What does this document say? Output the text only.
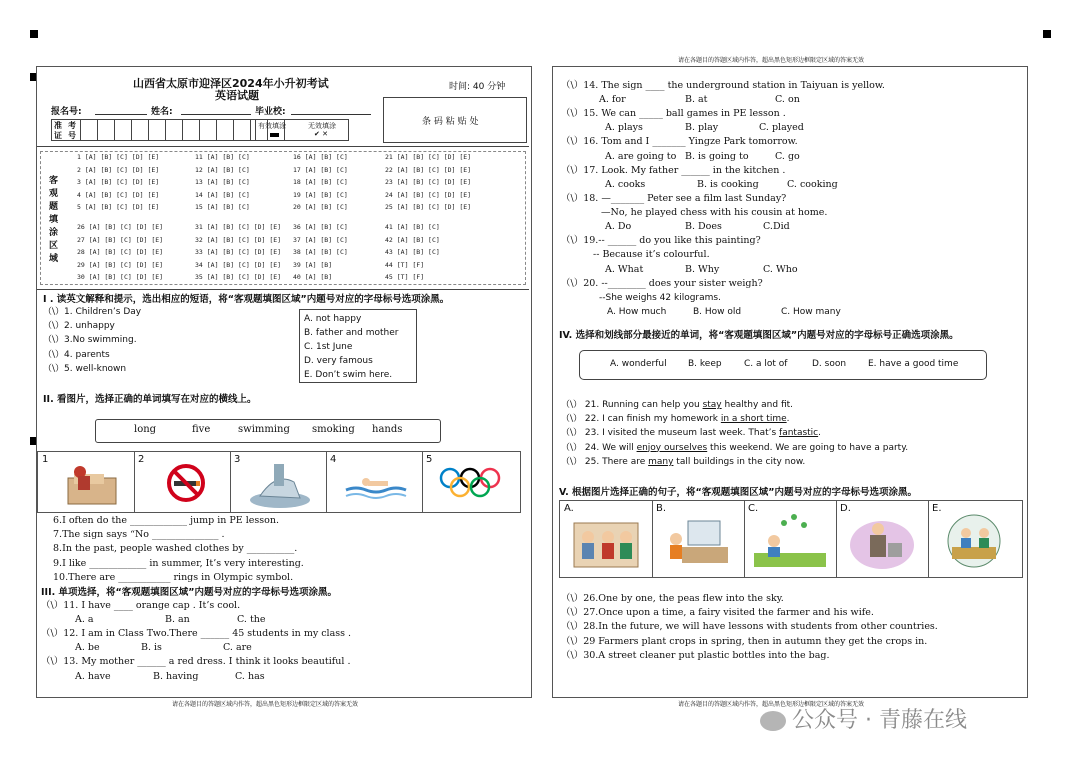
山西省太原市迎泽区2024年小升初考试
英语试题
时间: 40 分钟
报名号:	姓名:	毕业校:
准 考
证 号
有效填涂	无效填涂
✔ ✕
条 码 粘 贴 处
客观题填涂区域
1 [A] [B] [C] [D] [E]	11 [A] [B] [C]	16 [A] [B] [C]	21 [A] [B] [C] [D] [E]
2 [A] [B] [C] [D] [E]	12 [A] [B] [C]	17 [A] [B] [C]	22 [A] [B] [C] [D] [E]
3 [A] [B] [C] [D] [E]	13 [A] [B] [C]	18 [A] [B] [C]	23 [A] [B] [C] [D] [E]
4 [A] [B] [C] [D] [E]	14 [A] [B] [C]	19 [A] [B] [C]	24 [A] [B] [C] [D] [E]
5 [A] [B] [C] [D] [E]	15 [A] [B] [C]	20 [A] [B] [C]	25 [A] [B] [C] [D] [E]
26 [A] [B] [C] [D] [E]	31 [A] [B] [C] [D] [E] 36 [A] [B] [C]	41 [A] [B] [C]
27 [A] [B] [C] [D] [E]	32 [A] [B] [C] [D] [E] 37 [A] [B] [C]	42 [A] [B] [C]
28 [A] [B] [C] [D] [E]	33 [A] [B] [C] [D] [E] 38 [A] [B] [C]	43 [A] [B] [C]
29 [A] [B] [C] [D] [E]	34 [A] [B] [C] [D] [E] 39 [A] [B]	44 [T] [F]
30 [A] [B] [C] [D] [E]	35 [A] [B] [C] [D] [E] 40 [A] [B]	45 [T] [F]
I . 读英文解释和提示，选出相应的短语，将“客观题填图区域”内题号对应的字母标号选项涂黑。
（\）1. Children’s Day
（\）2. unhappy
（\）3.No swimming.
（\）4. parents
（\）5. well-known
A. not happy
B. father and mother
C. 1st June
D. very famous
E. Don’t swim here.
II. 看图片，选择正确的单词填写在对应的横线上。
long	five	swimming smoking hands
1	2	3	4	5
6.I often do the ____________ jump in PE lesson.
7.The sign says “No ______________ .
8.In the past, people washed clothes by __________.
9.I like ____________ in summer, It’s very interesting.
10.There are ___________ rings in Olympic symbol.
III. 单项选择，将“客观题填图区域”内题号对应的字母标号选项涂黑。
（\）11. I have ____ orange cap . It’s cool.
A. a	B. an	C. the
（\）12. I am in Class Two.There ______ 45 students in my class .
A. be	B. is	C. are
（\）13. My mother ______ a red dress. I think it looks beautiful .
A. have	B. having	C. has
请在各题目的答题区域内作答，超出黑色矩形边框限定区域的答案无效
请在各题目的答题区域内作答，超出黑色矩形边框限定区域的答案无效
（\）14. The sign ____ the underground station in Taiyuan is yellow.
A. for	B. at	C. on
（\）15. We can _____ ball games in PE lesson .
A. plays	B. play	C. played
（\）16. Tom and I _______ Yingze Park tomorrow.
A. are going to B. is going to	C. go
（\）17. Look. My father ______ in the kitchen .
A. cooks	B. is cooking	C. cooking
（\）18. —_______ Peter see a film last Sunday?
—No, he played chess with his cousin at home.
A. Do	B. Does	C.Did
（\）19.-- ______ do you like this painting?
-- Because it’s colourful.
A. What	B. Why	C. Who
（\）20. --________ does your sister weigh?
--She weighs 42 kilograms.
A. How much	B. How old	C. How many
IV. 选择和划线部分最接近的单词，将“客观题填图区域”内题号对应的字母标号正确选项涂黑。
A. wonderful B. keep C. a lot of	D. soon E. have a good time
（\） 21. Running can help you stay healthy and fit.
（\） 22. I can finish my homework in a short time.
（\） 23. I visited the museum last week. That’s fantastic.
（\） 24. We will enjoy ourselves this weekend. We are going to have a party.
（\） 25. There are many tall buildings in the city now.
V. 根据图片选择正确的句子，将“客观题填图区域”内题号对应的字母标号选项涂黑。
A.	B.	C.	D.	E.
（\）26.One by one, the peas flew into the sky.
（\）27.Once upon a time, a fairy visited the farmer and his wife.
（\）28.In the future, we will have lessons with students from other countries.
（\）29 Farmers plant crops in spring, then in autumn they get the crops in.
（\）30.A street cleaner put plastic bottles into the bag.
请在各题目的答题区域内作答，超出黑色矩形边框限定区域的答案无效
公众号 · 青藤在线
